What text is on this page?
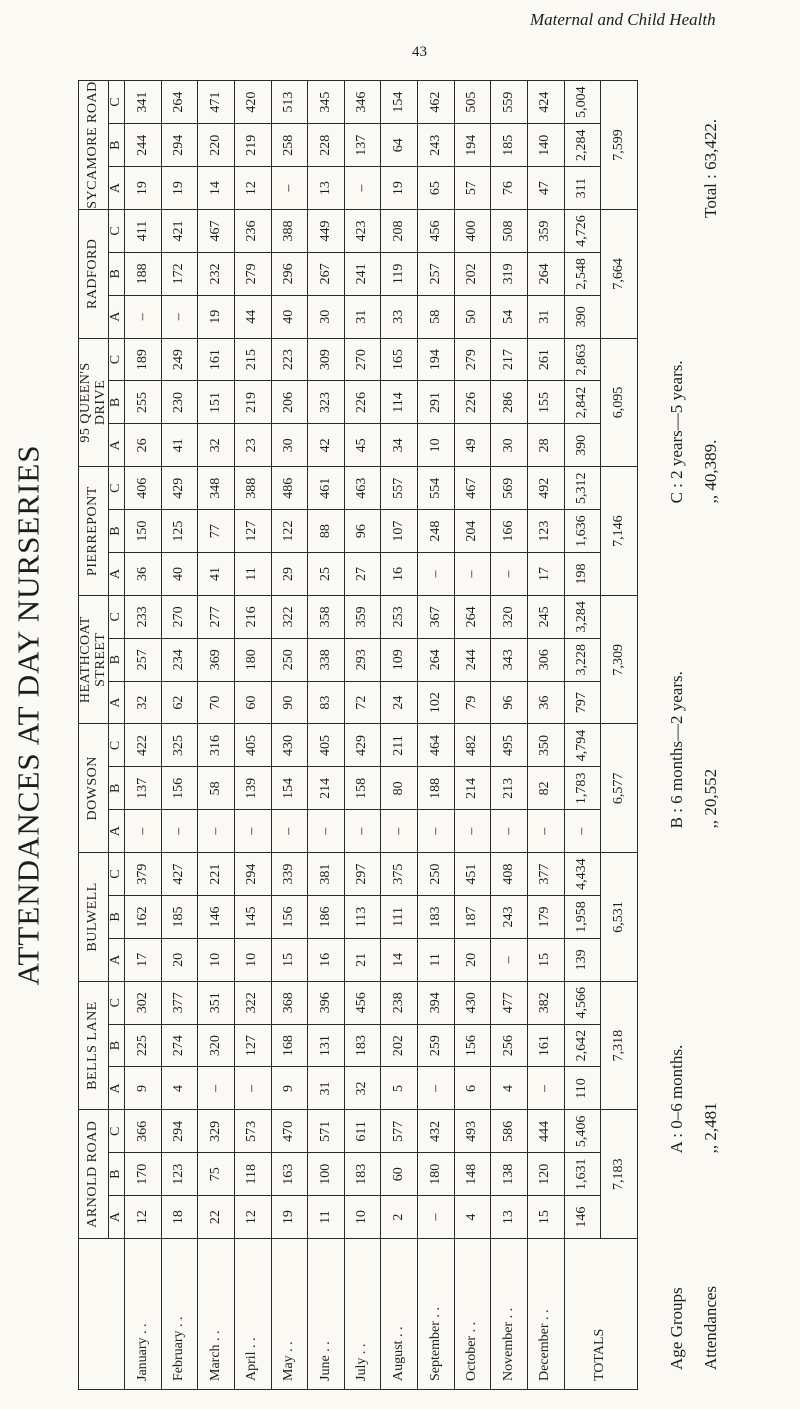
Maternal and Child Health
43
ATTENDANCES AT DAY NURSERIES
	ARNOLD ROAD			BELLS LANE			BULWELL			DOWSON			HEATHCOAT STREET			PIERREPONT			95 QUEEN'S DRIVE			RADFORD			SYCAMORE ROAD		
	A	B	C	A	B	C	A	B	C	A	B	C	A	B	C	A	B	C	A	B	C	A	B	C	A	B	C
January . .	12	170	366	9	225	302	17	162	379	–	137	422	32	257	233	36	150	406	26	255	189	–	188	411	19	244	341
February . .	18	123	294	4	274	377	20	185	427	–	156	325	62	234	270	40	125	429	41	230	249	–	172	421	19	294	264
March . .	22	75	329	–	320	351	10	146	221	–	58	316	70	369	277	41	77	348	32	151	161	19	232	467	14	220	471
April . .	12	118	573	–	127	322	10	145	294	–	139	405	60	180	216	11	127	388	23	219	215	44	279	236	12	219	420
May . .	19	163	470	9	168	368	15	156	339	–	154	430	90	250	322	29	122	486	30	206	223	40	296	388	–	258	513
June . .	11	100	571	31	131	396	16	186	381	–	214	405	83	338	358	25	88	461	42	323	309	30	267	449	13	228	345
July . .	10	183	611	32	183	456	21	113	297	–	158	429	72	293	359	27	96	463	45	226	270	31	241	423	–	137	346
August . .	2	60	577	5	202	238	14	111	375	–	80	211	24	109	253	16	107	557	34	114	165	33	119	208	19	64	154
September . .	–	180	432	–	259	394	11	183	250	–	188	464	102	264	367	–	248	554	10	291	194	58	257	456	65	243	462
October . .	4	148	493	6	156	430	20	187	451	–	214	482	79	244	264	–	204	467	49	226	279	50	202	400	57	194	505
November . .	13	138	586	4	256	477	–	243	408	–	213	495	96	343	320	–	166	569	30	286	217	54	319	508	76	185	559
December . .	15	120	444	–	161	382	15	179	377	–	82	350	36	306	245	17	123	492	28	155	261	31	264	359	47	140	424
TOTALS	146	1,631	5,406	110	2,642	4,566	139	1,958	4,434	–	1,783	4,794	797	3,228	3,284	198	1,636	5,312	390	2,842	2,863	390	2,548	4,726	311	2,284	5,004
	7,183			7,318			6,531			6,577			7,309			7,146			6,095			7,664			7,599		
Age Groups
A : 0–6 months.
B : 6 months—2 years.
C : 2 years—5 years.
Attendances
,, 2,481
,, 20,552
,, 40,389.
Total : 63,422.
